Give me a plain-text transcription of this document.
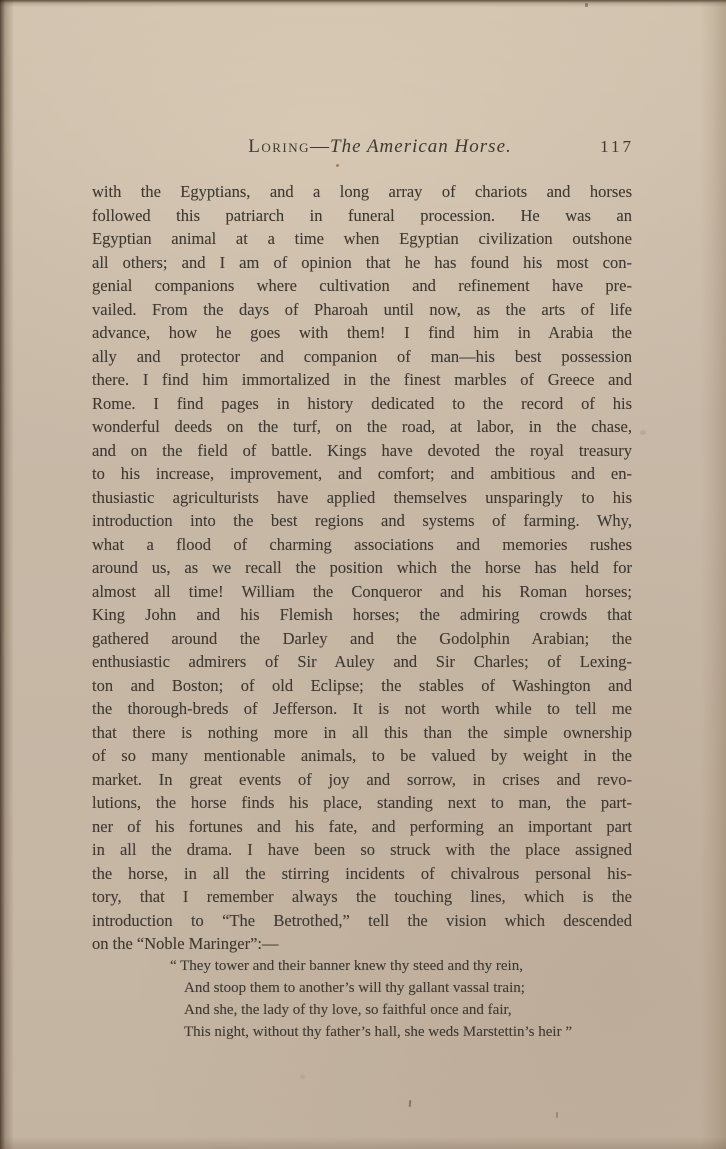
Loring—The American Horse.	117
with the Egyptians, and a long array of chariots and horses
followed this patriarch in funeral procession. He was an
Egyptian animal at a time when Egyptian civilization outshone
all others; and I am of opinion that he has found his most con-
genial companions where cultivation and refinement have pre-
vailed. From the days of Pharoah until now, as the arts of life
advance, how he goes with them! I find him in Arabia the
ally and protector and companion of man—his best possession
there. I find him immortalized in the finest marbles of Greece and
Rome. I find pages in history dedicated to the record of his
wonderful deeds on the turf, on the road, at labor, in the chase,
and on the field of battle. Kings have devoted the royal treasury
to his increase, improvement, and comfort; and ambitious and en-
thusiastic agriculturists have applied themselves unsparingly to his
introduction into the best regions and systems of farming. Why,
what a flood of charming associations and memories rushes
around us, as we recall the position which the horse has held for
almost all time! William the Conqueror and his Roman horses;
King John and his Flemish horses; the admiring crowds that
gathered around the Darley and the Godolphin Arabian; the
enthusiastic admirers of Sir Auley and Sir Charles; of Lexing-
ton and Boston; of old Eclipse; the stables of Washington and
the thorough-breds of Jefferson. It is not worth while to tell me
that there is nothing more in all this than the simple ownership
of so many mentionable animals, to be valued by weight in the
market. In great events of joy and sorrow, in crises and revo-
lutions, the horse finds his place, standing next to man, the part-
ner of his fortunes and his fate, and performing an important part
in all the drama. I have been so struck with the place assigned
the horse, in all the stirring incidents of chivalrous personal his-
tory, that I remember always the touching lines, which is the
introduction to “The Betrothed,” tell the vision which descended
on the “Noble Maringer”:—
“ They tower and their banner knew thy steed and thy rein,
And stoop them to another’s will thy gallant vassal train;
And she, the lady of thy love, so faithful once and fair,
This night, without thy father’s hall, she weds Marstettin’s heir ”
